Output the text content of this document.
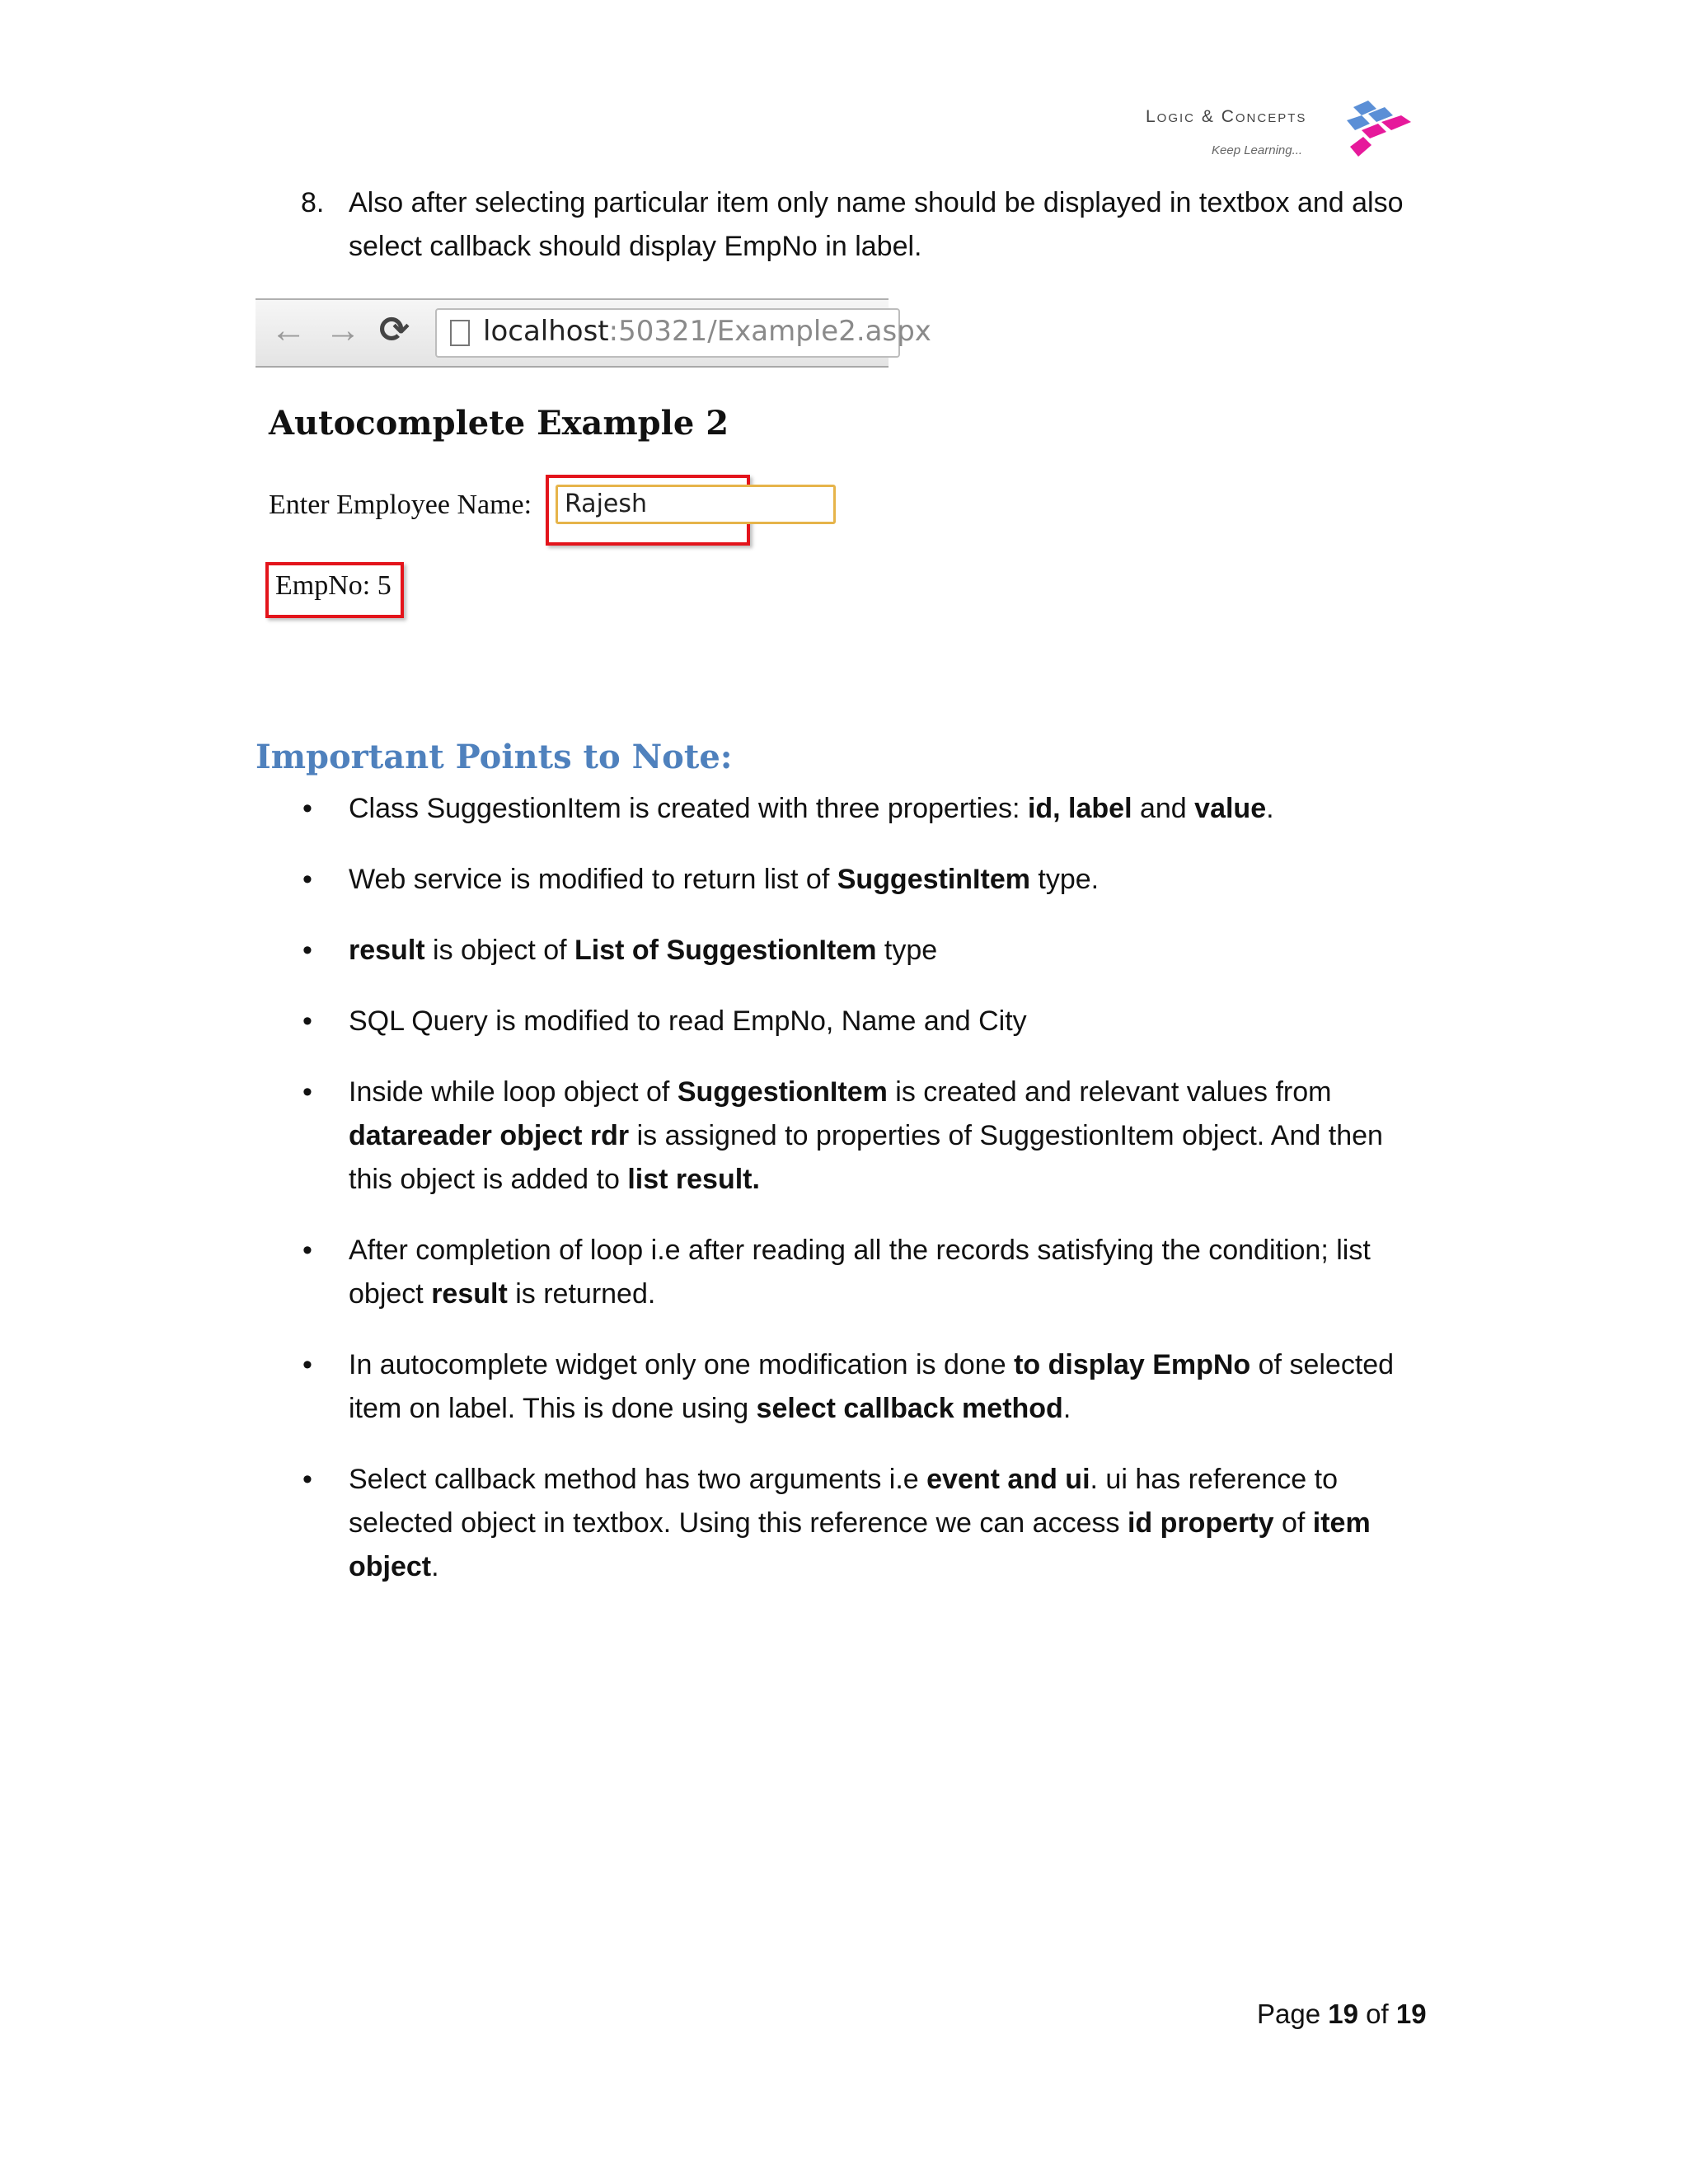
Logic & Concepts
Keep Learning...
8. Also after selecting particular item only name should be displayed in textbox and also select callback should display EmpNo in label.
← → ⟳	localhost:50321/Example2.aspx
Autocomplete Example 2
Enter Employee Name:	Rajesh
EmpNo: 5
Important Points to Note:
• Class SuggestionItem is created with three properties: id, label and value.
• Web service is modified to return list of SuggestinItem type.
• result is object of List of SuggestionItem type
• SQL Query is modified to read EmpNo, Name and City
• Inside while loop object of SuggestionItem is created and relevant values from datareader object rdr is assigned to properties of SuggestionItem object. And then this object is added to list result.
• After completion of loop i.e after reading all the records satisfying the condition; list object result is returned.
• In autocomplete widget only one modification is done to display EmpNo of selected item on label. This is done using select callback method.
• Select callback method has two arguments i.e event and ui. ui has reference to selected object in textbox. Using this reference we can access id property of item object.
Page 19 of 19
